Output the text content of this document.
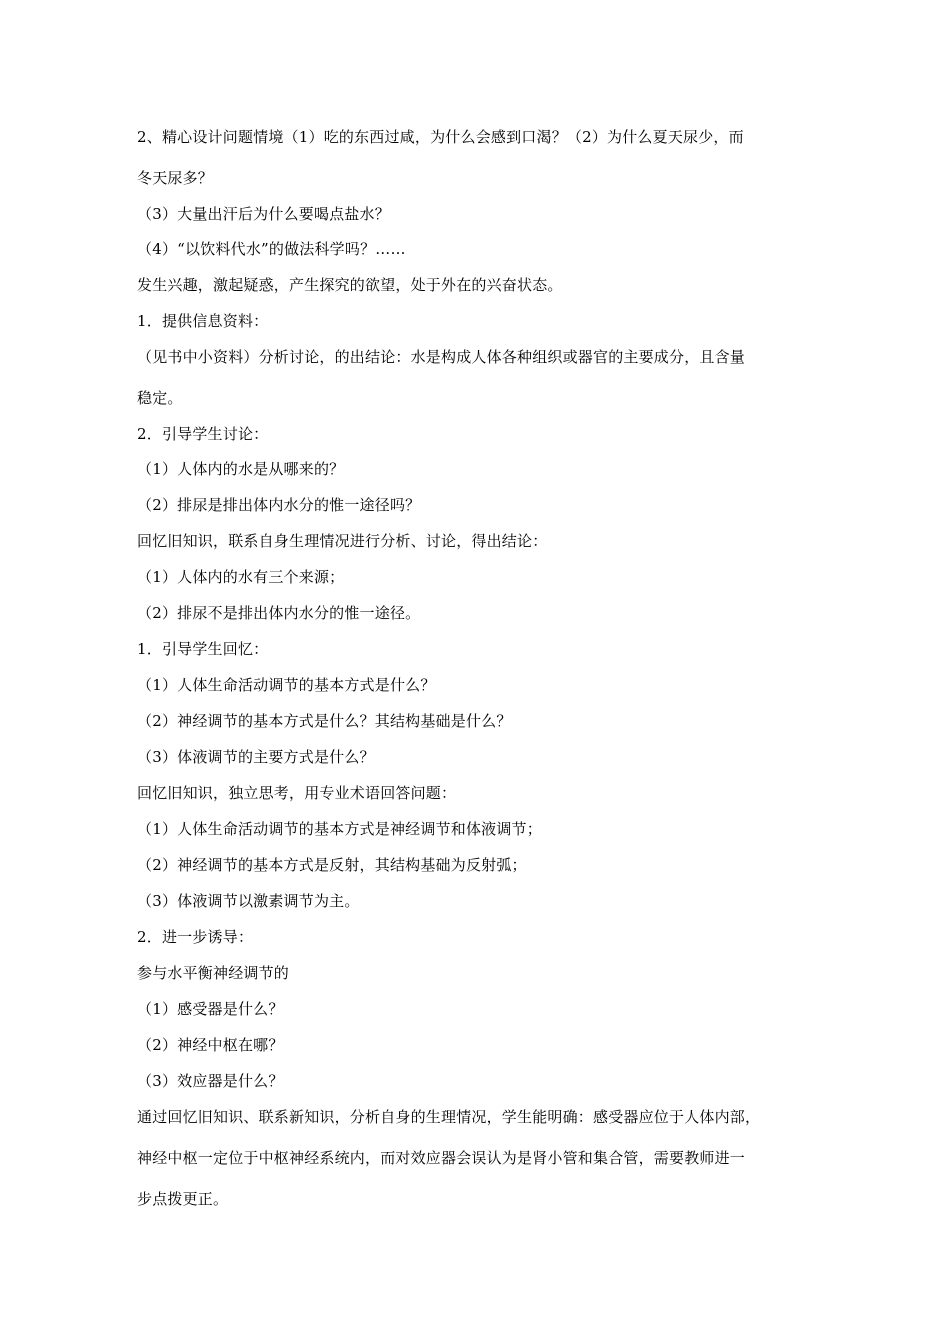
2、精心设计问题情境（1）吃的东西过咸，为什么会感到口渴？（2）为什么夏天尿少，而
冬天尿多？
（3）大量出汗后为什么要喝点盐水？
（4）“以饮料代水”的做法科学吗？……
发生兴趣，激起疑惑，产生探究的欲望，处于外在的兴奋状态。
1．提供信息资料：
（见书中小资料）分析讨论，的出结论：水是构成人体各种组织或器官的主要成分，且含量
稳定。
2．引导学生讨论：
（1）人体内的水是从哪来的？
（2）排尿是排出体内水分的惟一途径吗？
回忆旧知识，联系自身生理情况进行分析、讨论，得出结论：
（1）人体内的水有三个来源；
（2）排尿不是排出体内水分的惟一途径。
1．引导学生回忆：
（1）人体生命活动调节的基本方式是什么？
（2）神经调节的基本方式是什么？其结构基础是什么？
（3）体液调节的主要方式是什么？
回忆旧知识，独立思考，用专业术语回答问题：
（1）人体生命活动调节的基本方式是神经调节和体液调节；
（2）神经调节的基本方式是反射，其结构基础为反射弧；
（3）体液调节以激素调节为主。
2．进一步诱导：
参与水平衡神经调节的
（1）感受器是什么？
（2）神经中枢在哪？
（3）效应器是什么？
通过回忆旧知识、联系新知识，分析自身的生理情况，学生能明确：感受器应位于人体内部，
神经中枢一定位于中枢神经系统内，而对效应器会误认为是肾小管和集合管，需要教师进一
步点拨更正。
